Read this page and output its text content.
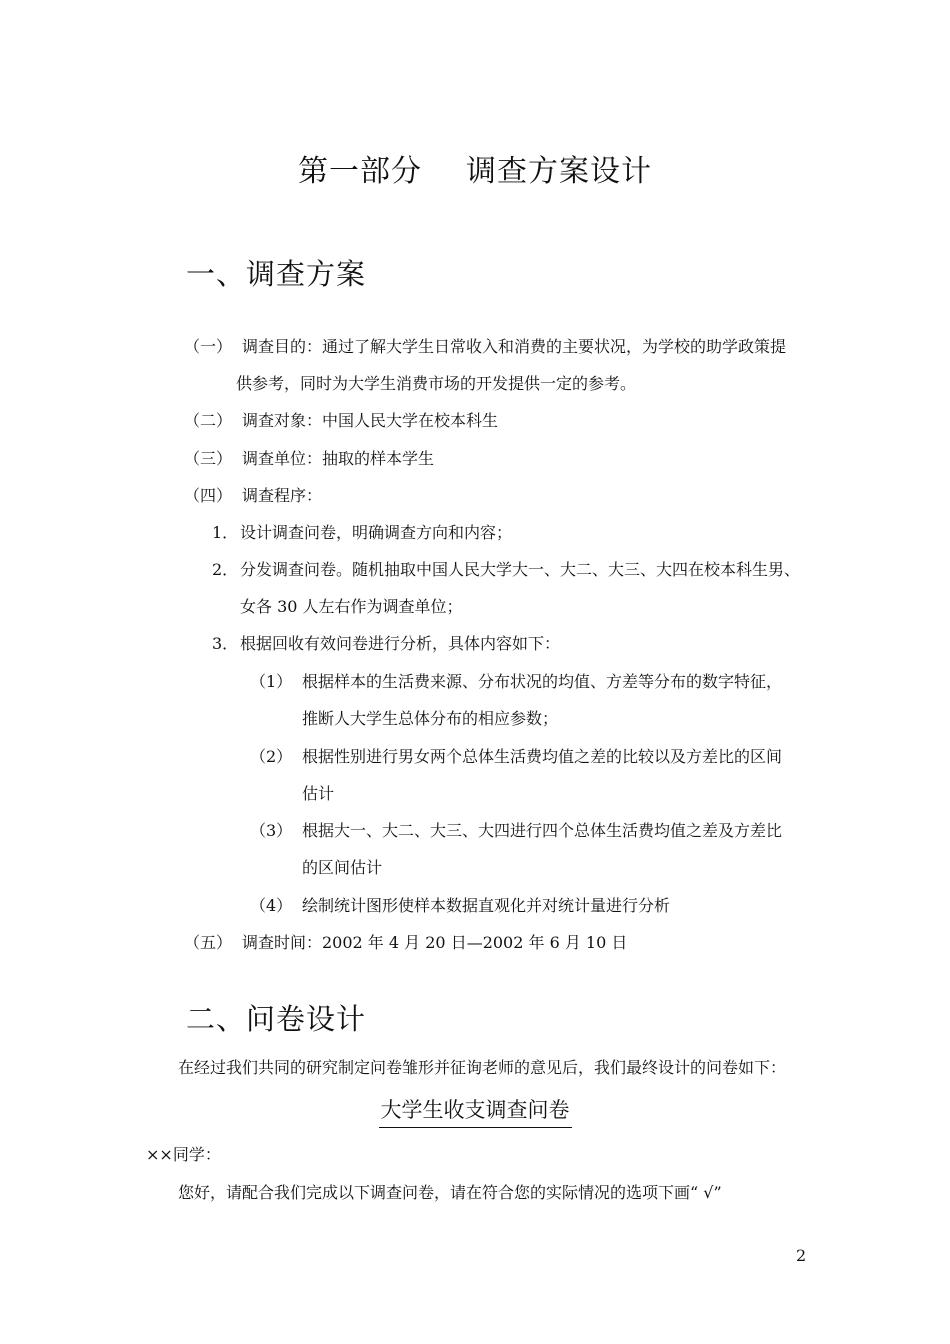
第一部分 调查方案设计
一、调查方案
（一） 调查目的：通过了解大学生日常收入和消费的主要状况，为学校的助学政策提
供参考，同时为大学生消费市场的开发提供一定的参考。
（二） 调查对象：中国人民大学在校本科生
（三） 调查单位：抽取的样本学生
（四） 调查程序：
1． 设计调查问卷，明确调查方向和内容；
2． 分发调查问卷。随机抽取中国人民大学大一、大二、大三、大四在校本科生男、
女各 30 人左右作为调查单位；
3． 根据回收有效问卷进行分析，具体内容如下：
（1） 根据样本的生活费来源、分布状况的均值、方差等分布的数字特征，
推断人大学生总体分布的相应参数；
（2） 根据性别进行男女两个总体生活费均值之差的比较以及方差比的区间
估计
（3） 根据大一、大二、大三、大四进行四个总体生活费均值之差及方差比
的区间估计
（4） 绘制统计图形使样本数据直观化并对统计量进行分析
（五） 调查时间：2002 年 4 月 20 日—2002 年 6 月 10 日
二、问卷设计
在经过我们共同的研究制定问卷雏形并征询老师的意见后，我们最终设计的问卷如下：
大学生收支调查问卷
××同学：
您好，请配合我们完成以下调查问卷，请在符合您的实际情况的选项下画“ √”
2
